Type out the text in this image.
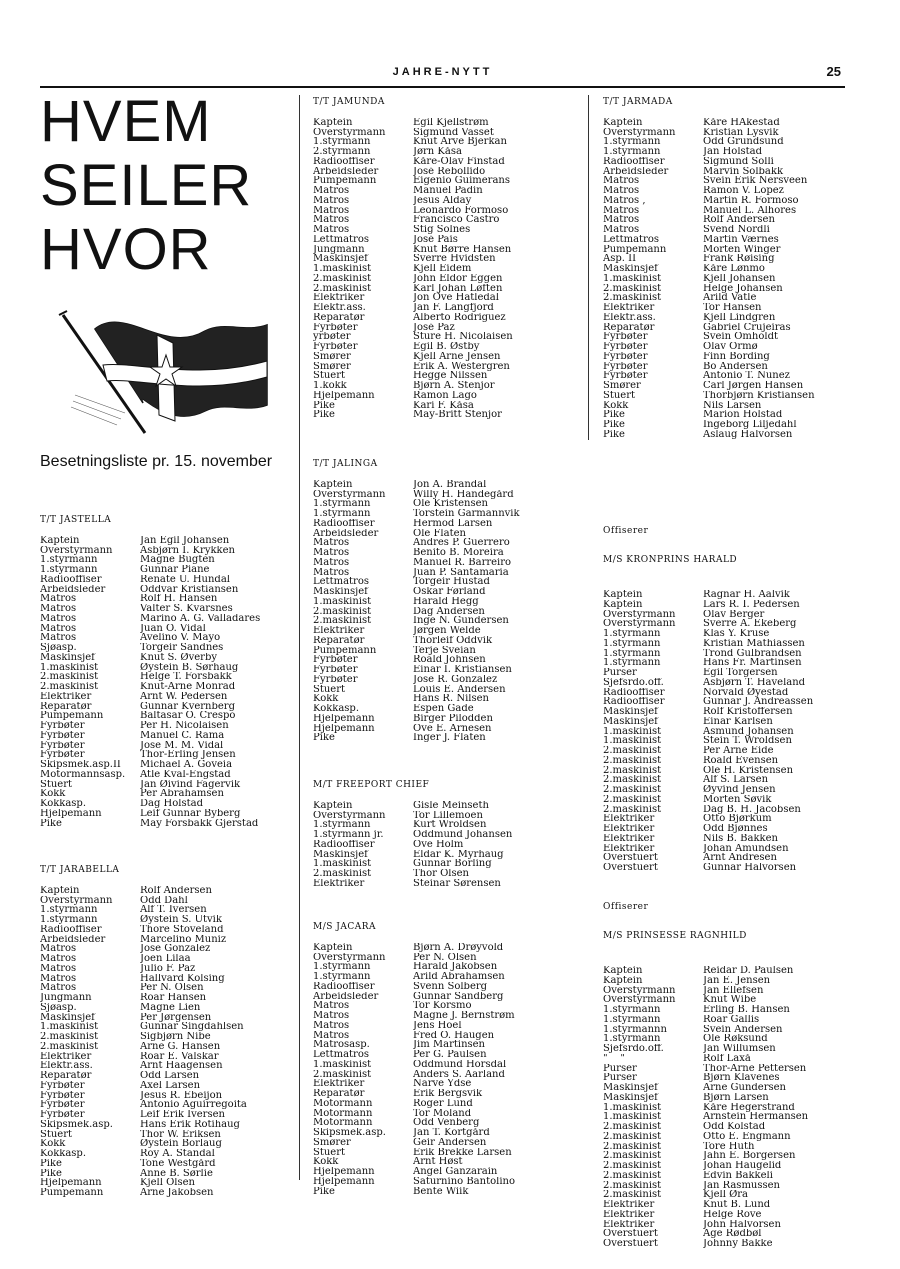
JAHRE-NYTT	25
HVEM
SEILER
HVOR
Besetningsliste pr. 15. november
T/T JASTELLA
Kaptein	Jan Egil Johansen
Overstyrmann	Asbjørn I. Krykken
1.styrmann	Magne Bugten
1.styrmann	Gunnar Piane
Radiooffiser	Renate U. Hundal
Arbeidsleder	Oddvar Kristiansen
Matros	Rolf H. Hansen
Matros	Valter S. Kvarsnes
Matros	Marino A. G. Valladares
Matros	Juan O. Vidal
Matros	Avelino V. Mayo
Sjøasp.	Torgeir Sandnes
Maskinsjef	Knut S. Øverby
1.maskinist	Øystein B. Sørhaug
2.maskinist	Helge T. Forsbakk
2.maskinist	Knut-Arne Monrad
Elektriker	Arnt W. Pedersen
Reparatør	Gunnar Kvernberg
Pumpemann	Baltasar O. Crespo
Fyrbøter	Per H. Nicolaisen
Fyrbøter	Manuel C. Rama
Fyrbøter	Jose M. M. Vidal
Fyrbøter	Thor-Erling Jensen
Skipsmek.asp.II	Michael A. Goveia
Motormannsasp.	Atle Kval-Engstad
Stuert	Jan Øivind Fagervik
Kokk	Per Abrahamsen
Kokkasp.	Dag Holstad
Hjelpemann	Leif Gunnar Byberg
Pike	May Forsbakk Gjerstad
T/T JARABELLA
Kaptein	Rolf Andersen
Overstyrmann	Odd Dahl
1.styrmann	Alf T. Iversen
1.styrmann	Øystein S. Utvik
Radiooffiser	Thore Stoveland
Arbeidsleder	Marcelino Muniz
Matros	Jose Gonzalez
Matros	Joen Lilaa
Matros	Julio F. Paz
Matros	Hallvard Kolsing
Matros	Per N. Olsen
Jungmann	Roar Hansen
Sjøasp.	Magne Lien
Maskinsjef	Per Jørgensen
1.maskinist	Gunnar Singdahlsen
2.maskinist	Sigbjørn Nibe
2.maskinist	Arne G. Hansen
Elektriker	Roar E. Valskar
Elektr.ass.	Arnt Haagensen
Reparatør	Odd Larsen
Fyrbøter	Axel Larsen
Fyrbøter	Jesus R. Ebeijon
Fyrbøter	Antonio Aguirregoita
Fyrbøter	Leif Erik Iversen
Skipsmek.asp.	Hans Erik Rotihaug
Stuert	Thor W. Eriksen
Kokk	Øystein Borlaug
Kokkasp.	Roy A. Standal
Pike	Tone Westgård
Pike	Anne B. Sørlie
Hjelpemann	Kjell Olsen
Pumpemann	Arne Jakobsen
T/T JAMUNDA
Kaptein	Egil Kjellstrøm
Overstyrmann	Sigmund Vasset
1.styrmann	Knut Arve Bjerkan
2.styrmann	Jørn Kåsa
Radiooffiser	Kåre-Olav Finstad
Arbeidsleder	José Rebollido
Pumpemann	Eigenio Guimerans
Matros	Manuel Padin
Matros	Jesus Alday
Matros	Leonardo Formoso
Matros	Francisco Castro
Matros	Stig Solnes
Lettmatros	José Pais
Jungmann	Knut Børre Hansen
Maskinsjef	Sverre Hvidsten
1.maskinist	Kjell Eidem
2.maskinist	John Eldor Eggen
2.maskinist	Karl Johan Løften
Elektriker	Jon Ove Hatledal
Elektr.ass.	Jan F. Langfjord
Reparatør	Alberto Rodriguez
Fyrbøter	José Paz
yrbøter	Sture H. Nicolaisen
Fyrbøter	Egil B. Østby
Smører	Kjell Arne Jensen
Smører	Erik A. Westergren
Stuert	Hegge Nilssen
1.kokk	Bjørn A. Stenjor
Hjelpemann	Ramon Lago
Pike	Kari F. Kåsa
Pike	May-Britt Stenjor
T/T JALINGA
Kaptein	Jon A. Brandal
Overstyrmann	Willy H. Handegård
1.styrmann	Ole Kristensen
1.styrmann	Torstein Garmannvik
Radiooffiser	Hermod Larsen
Arbeidsleder	Ole Flaten
Matros	Andres P. Guerrero
Matros	Benito B. Moreira
Matros	Manuel R. Barreiro
Matros	Juan P. Santamaria
Lettmatros	Torgeir Hustad
Maskinsjef	Oskar Førland
1.maskinist	Harald Hegg
2.maskinist	Dag Andersen
2.maskinist	Inge N. Gundersen
Elektriker	Jørgen Welde
Reparatør	Thorleif Oddvik
Pumpemann	Terje Sveian
Fyrbøter	Roald Johnsen
Fyrbøter	Einar I. Kristiansen
Fyrbøter	Jose R. Gonzalez
Stuert	Louis E. Andersen
Kokk	Hans R. Nilsen
Kokkasp.	Espen Gade
Hjelpemann	Birger Pilodden
Hjelpemann	Ove E. Arnesen
Pike	Inger J. Flaten
M/T FREEPORT CHIEF
Kaptein	Gisle Meinseth
Overstyrmann	Tor Lillemoen
1.styrmann	Kurt Wroldsen
1.styrmann jr.	Oddmund Johansen
Radiooffiser	Ove Holm
Maskinsjef	Eldar K. Myrhaug
1.maskinist	Gunnar Borling
2.maskinist	Thor Olsen
Elektriker	Steinar Sørensen
M/S JACARA
Kaptein	Bjørn A. Drøyvold
Overstyrmann	Per N. Olsen
1.styrmann	Harald Jakobsen
1.styrmann	Arild Abrahamsen
Radiooffiser	Svenn Solberg
Arbeidsleder	Gunnar Sandberg
Matros	Tor Korsmo
Matros	Magne J. Bernstrøm
Matros	Jens Hoel
Matros	Fred O. Haugen
Matrosasp.	Jim Martinsen
Lettmatros	Per G. Paulsen
1.maskinist	Oddmund Horsdal
2.maskinist	Anders S. Aarland
Elektriker	Narve Ydse
Reparatør	Erik Bergsvik
Motormann	Roger Lund
Motormann	Tor Moland
Motormann	Odd Venberg
Skipsmek.asp.	Jan T. Kortgård
Smører	Geir Andersen
Stuert	Erik Brekke Larsen
Kokk	Arnt Høst
Hjelpemann	Angel Ganzarain
Hjelpemann	Saturnino Bantolino
Pike	Bente Wiik
T/T JARMADA
Kaptein	Kåre HÅkestad
Overstyrmann	Kristian Lysvik
1.styrmann	Odd Grundsund
1.styrmann	Jan Holstad
Radiooffiser	Sigmund Solli
Arbeidsleder	Marvin Solbakk
Matros	Svein Erik Nersveen
Matros	Ramon V. Lopez
Matros ,	Martin R. Formoso
Matros	Manuel L. Alhores
Matros	Rolf Andersen
Matros	Svend Nordli
Lettmatros	Martin Værnes
Pumpemann	Morten Winger
Asp. II	Frank Røising
Maskinsjef	Kåre Lønmo
1.maskinist	Kjell Johansen
2.maskinist	Helge Johansen
2.maskinist	Arild Vatle
Elektriker	Tor Hansen
Elektr.ass.	Kjell Lindgren
Reparatør	Gabriel Crujeiras
Fyrbøter	Svein Omholdt
Fyrbøter	Olav Ormø
Fyrbøter	Finn Bording
Fyrbøter	Bo Andersen
Fyrbøter	Antonio T. Nunez
Smører	Carl Jørgen Hansen
Stuert	Thorbjørn Kristiansen
Kokk	Nils Larsen
Pike	Marion Holstad
Pike	Ingeborg Liljedahl
Pike	Aslaug Halvorsen

Offiserer

M/S KRONPRINS HARALD

Kaptein	Ragnar H. Aalvik
Kaptein	Lars R. I. Pedersen
Overstyrmann	Olav Berger
Overstyrmann	Sverre A. Ekeberg
1.styrmann	Klas Y. Kruse
1.styrmann	Kristian Mathiassen
1.styrmann	Trond Gulbrandsen
1.styrmann	Hans Fr. Martinsen
Purser	Egil Torgersen
Sjefsrdo.off.	Asbjørn T. Haveland
Radiooffiser	Norvald Øyestad
Radiooffiser	Gunnar J. Andreassen
Maskinsjef	Rolf Kristoffersen
Maskinsjef	Einar Karlsen
1.maskinist	Åsmund Johansen
1.maskinist	Stein T. Wroldsen
2.maskinist	Per Arne Eide
2.maskinist	Roald Evensen
2.maskinist	Ole H. Kristensen
2.maskinist	Alf S. Larsen
2.maskinist	Øyvind Jensen
2.maskinist	Morten Søvik
2.maskinist	Dag B. H. Jacobsen
Elektriker	Otto Bjørkum
Elektriker	Odd Bjønnes
Elektriker	Nils B. Bakken
Elektriker	Johan Amundsen
Overstuert	Arnt Andresen
Overstuert	Gunnar Halvorsen

Offiserer

M/S PRINSESSE RAGNHILD

Kaptein	Reidar D. Paulsen
Kaptein	Jan E. Jensen
Overstyrmann	Jan Ellefsen
Overstyrmann	Knut Wibe
1.styrmann	Erling B. Hansen
1.styrmann	Roar Gallis
1.styrmannn	Svein Andersen
1.styrmann	Ole Røksund
Sjefsrdo.off.	Jan Willumsen
"    "	Rolf Laxå
Purser	Thor-Arne Pettersen
Purser	Bjørn Klavenes
Maskinsjef	Arne Gundersen
Maskinsjef	Bjørn Larsen
1.maskinist	Kåre Hegerstrand
1.maskinist	Arnstein Hermansen
2.maskinist	Odd Kolstad
2.maskinist	Otto E. Engmann
2.maskinist	Tore Huth
2.maskinist	Jahn E. Borgersen
2.maskinist	Johan Haugelid
2.maskinist	Edvin Bakkeli
2.maskinist	Jan Rasmussen
2.maskinist	Kjell Øra
Elektriker	Knut B. Lund
Elektriker	Helge Rove
Elektriker	John Halvorsen
Overstuert	Åge Rødbøl
Overstuert	Johnny Bakke
